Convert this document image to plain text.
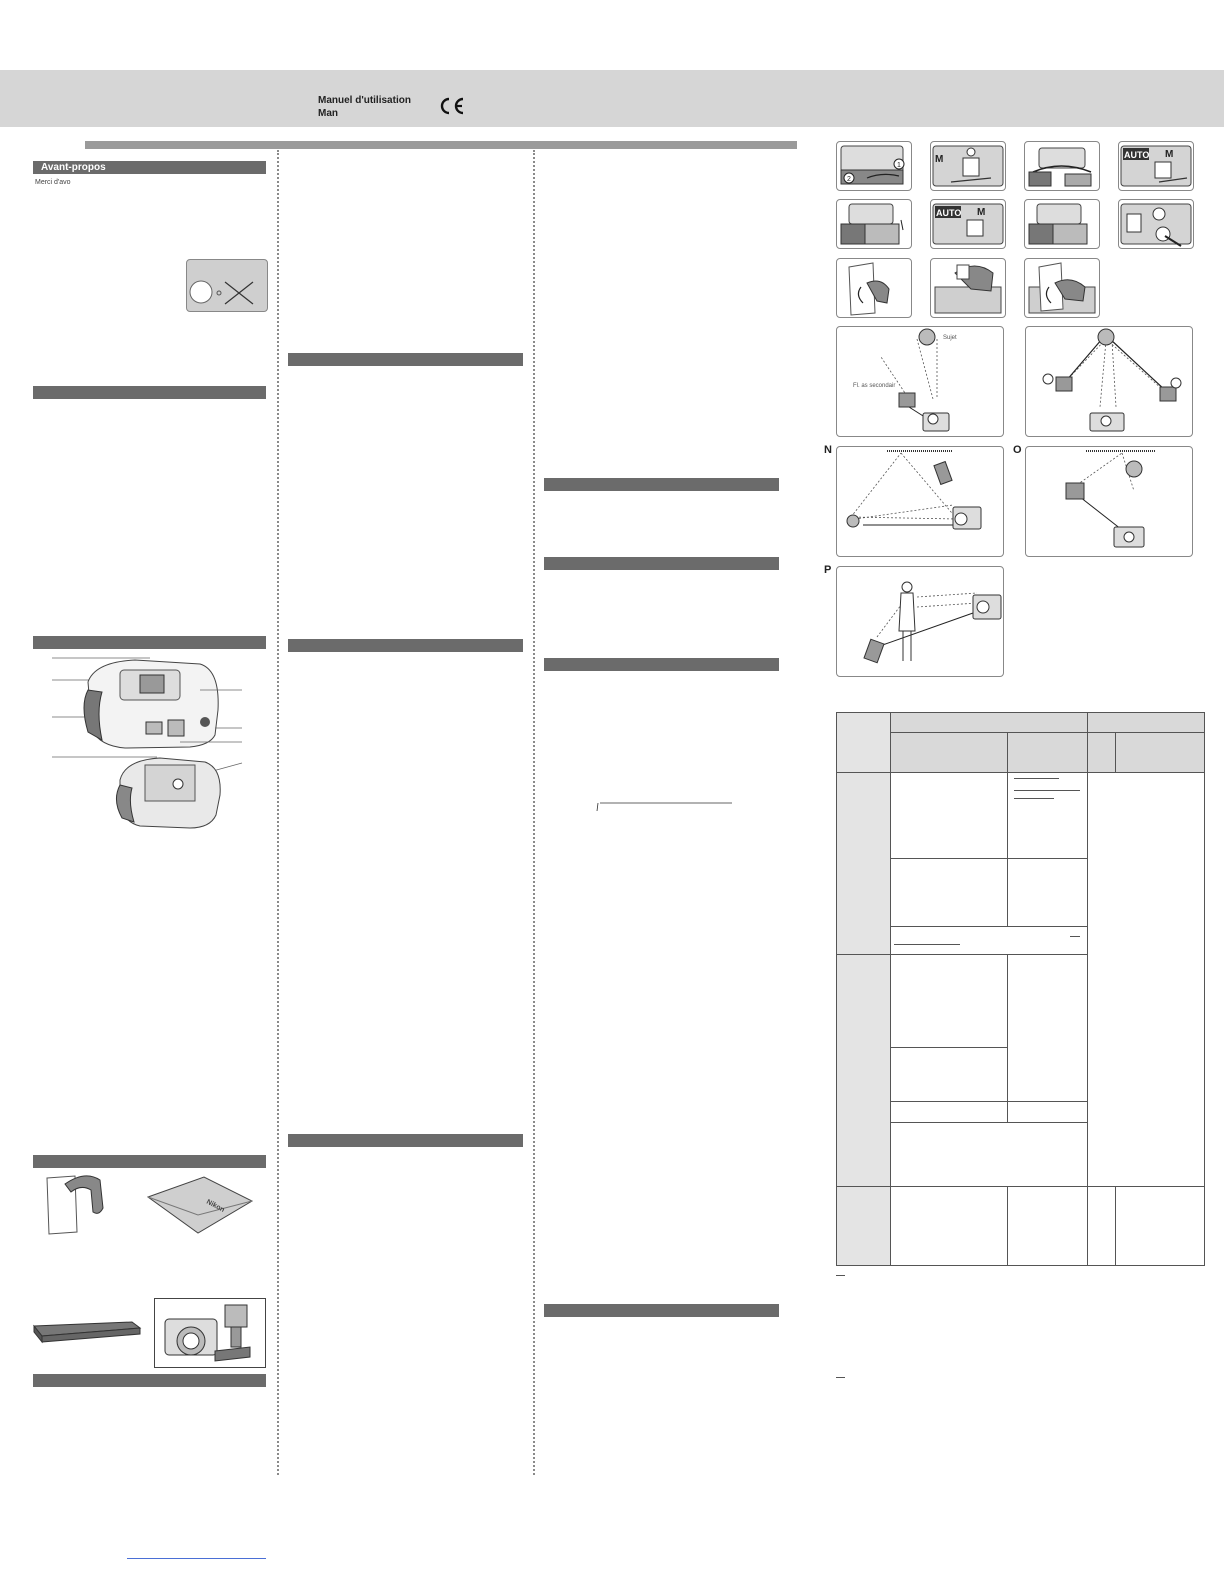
Manuel d'utilisation
Man
Avant-propos
Merci d'avo
Nikon
2
1
M	AUTO M
AUTO M
Sujet
Fl. as secondair
N	O
P
